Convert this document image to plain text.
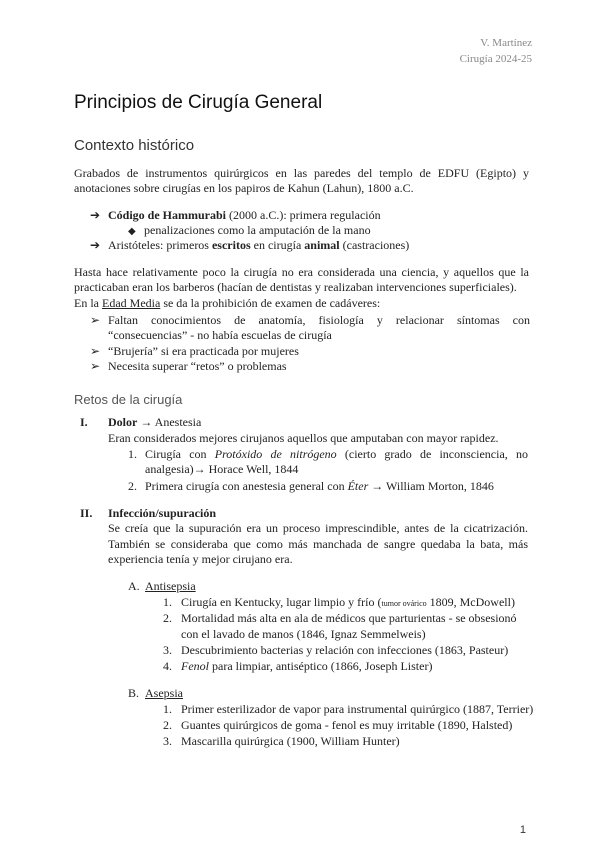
V. Martínez
Cirugía 2024-25
Principios de Cirugía General
Contexto histórico
Grabados de instrumentos quirúrgicos en las paredes del templo de EDFU (Egipto) y anotaciones sobre cirugías en los papiros de Kahun (Lahun), 1800 a.C.
➔ Código de Hammurabi (2000 a.C.): primera regulación
◆ penalizaciones como la amputación de la mano
➔ Aristóteles: primeros escritos en cirugía animal (castraciones)
Hasta hace relativamente poco la cirugía no era considerada una ciencia, y aquellos que la practicaban eran los barberos (hacían de dentistas y realizaban intervenciones superficiales).
En la Edad Media se da la prohibición de examen de cadáveres:
➢ Faltan conocimientos de anatomía, fisiología y relacionar síntomas con “consecuencias” - no había escuelas de cirugía
➢ “Brujería” si era practicada por mujeres
➢ Necesita superar “retos” o problemas
Retos de la cirugía
I. Dolor → Anestesia
Eran considerados mejores cirujanos aquellos que amputaban con mayor rapidez.
1. Cirugía con Protóxido de nitrógeno (cierto grado de inconsciencia, no analgesia)→ Horace Well, 1844
2. Primera cirugía con anestesia general con Éter → William Morton, 1846
II. Infección/supuración
Se creía que la supuración era un proceso imprescindible, antes de la cicatrización. También se consideraba que como más manchada de sangre quedaba la bata, más experiencia tenía y mejor cirujano era.
A. Antisepsia
1. Cirugía en Kentucky, lugar limpio y frío (tumor ovárico 1809, McDowell)
2. Mortalidad más alta en ala de médicos que parturientas - se obsesionó con el lavado de manos (1846, Ignaz Semmelweis)
3. Descubrimiento bacterias y relación con infecciones (1863, Pasteur)
4. Fenol para limpiar, antiséptico (1866, Joseph Lister)
B. Asepsia
1. Primer esterilizador de vapor para instrumental quirúrgico (1887, Terrier)
2. Guantes quirúrgicos de goma - fenol es muy irritable (1890, Halsted)
3. Mascarilla quirúrgica (1900, William Hunter)
1
